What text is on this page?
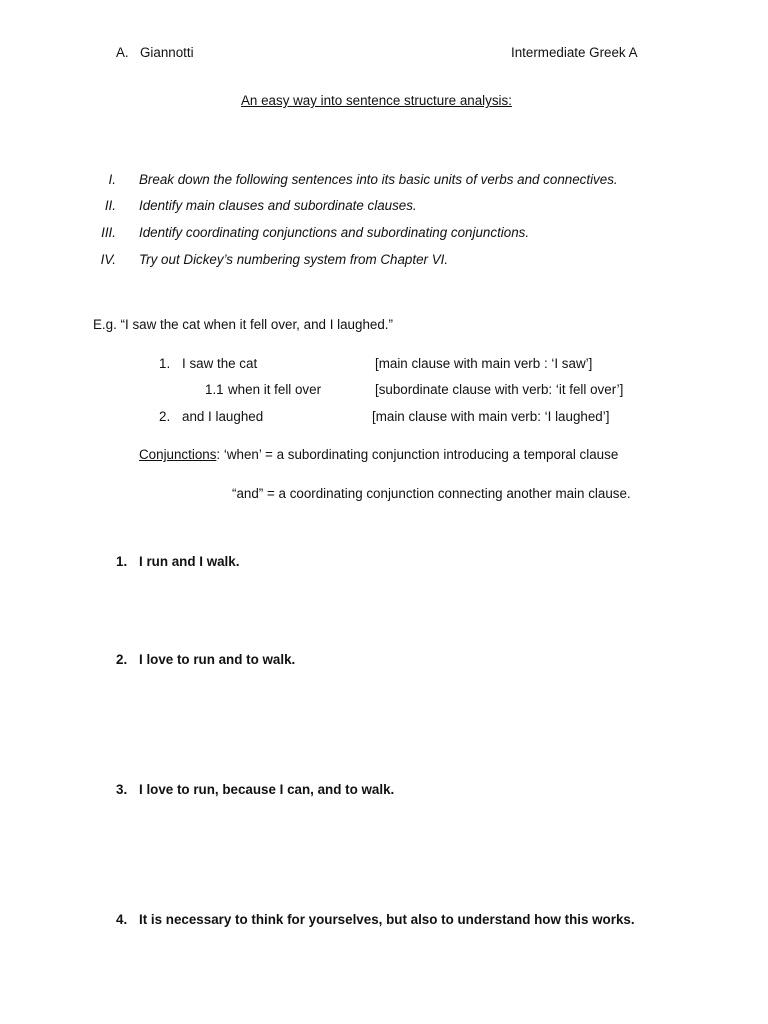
A. Giannotti	Intermediate Greek A
An easy way into sentence structure analysis:
I. Break down the following sentences into its basic units of verbs and connectives.
II. Identify main clauses and subordinate clauses.
III. Identify coordinating conjunctions and subordinating conjunctions.
IV. Try out Dickey’s numbering system from Chapter VI.
E.g. “I saw the cat when it fell over, and I laughed.”
1. I saw the cat	[main clause with main verb : ‘I saw’]
1.1 when it fell over	[subordinate clause with verb: ‘it fell over’]
2. and I laughed	[main clause with main verb: ‘I laughed’]
Conjunctions: ‘when’ = a subordinating conjunction introducing a temporal clause
“and” = a coordinating conjunction connecting another main clause.
1. I run and I walk.
2. I love to run and to walk.
3. I love to run, because I can, and to walk.
4. It is necessary to think for yourselves, but also to understand how this works.
